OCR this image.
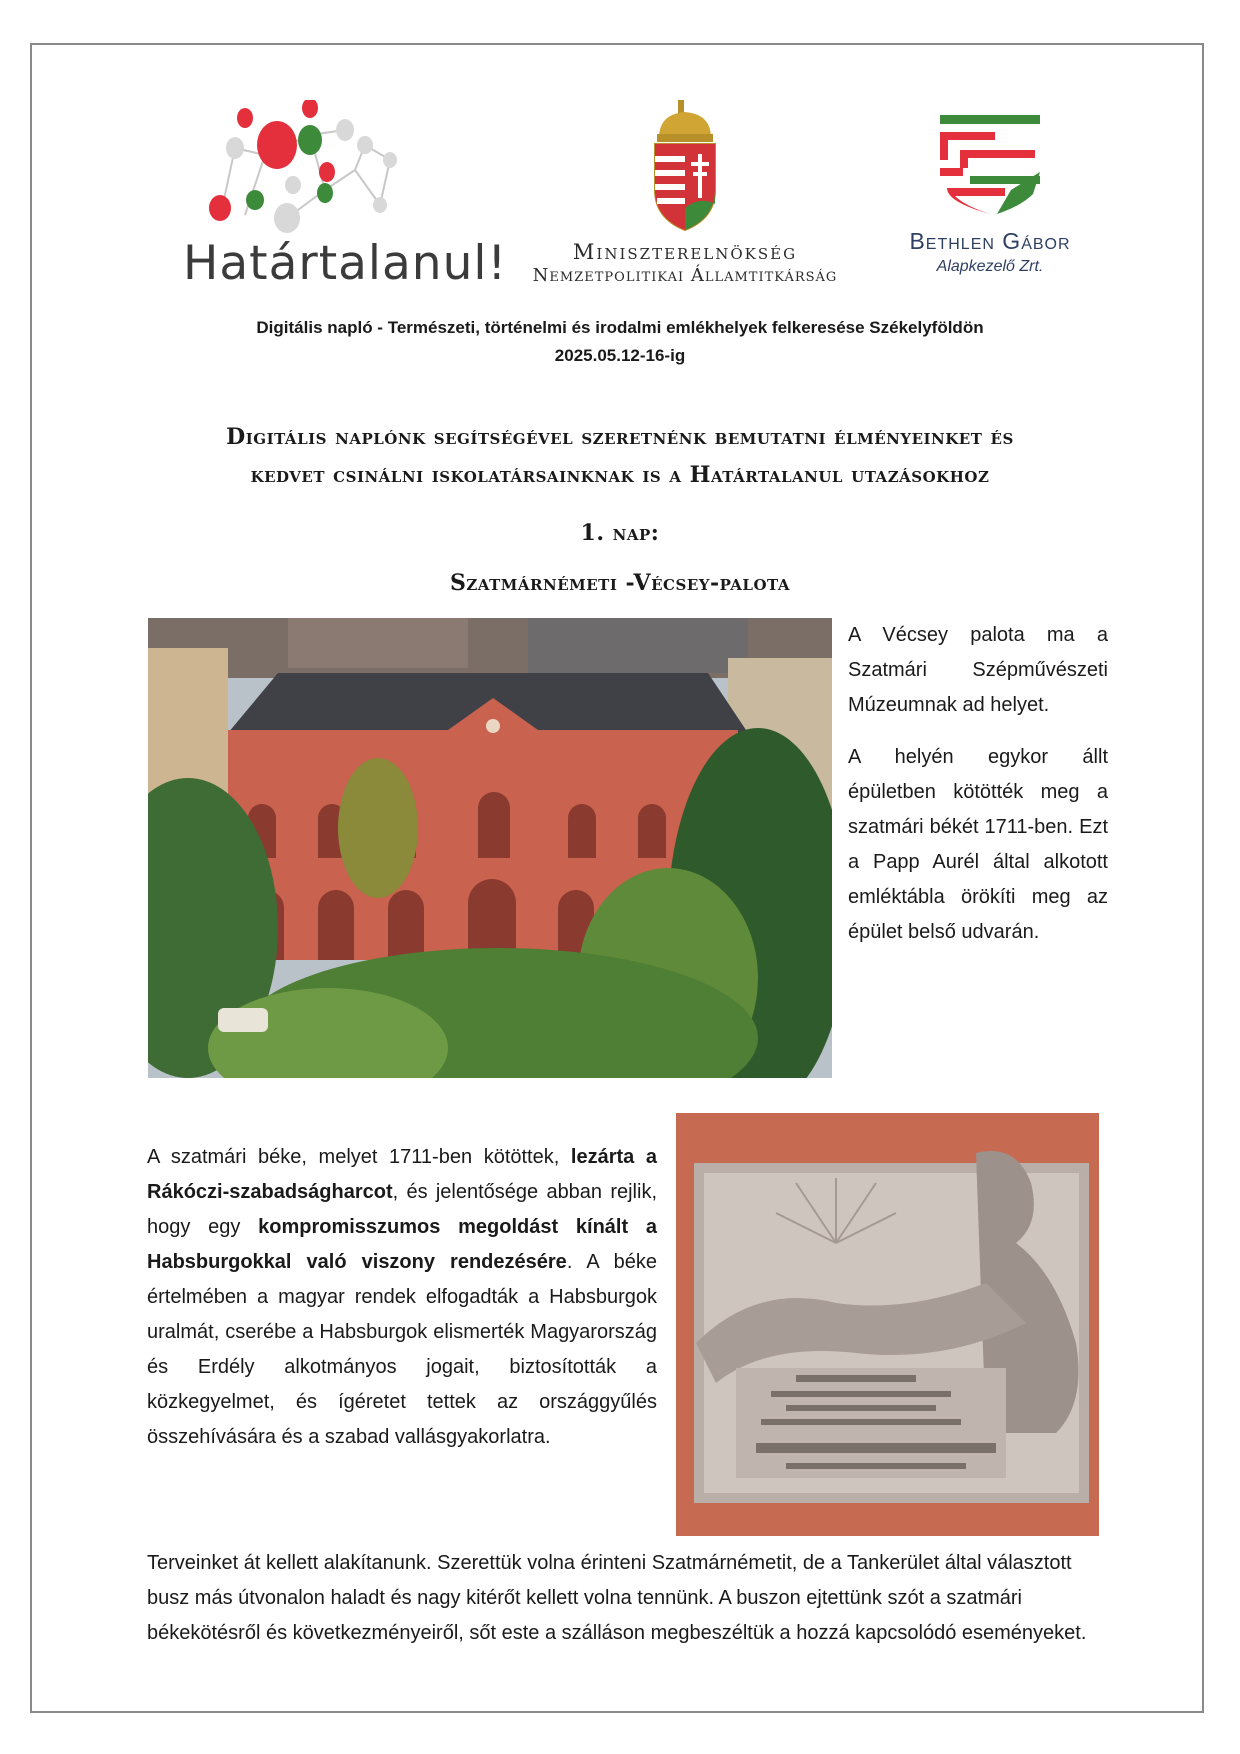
Határtalanul!	Miniszterelnökség
Nemzetpolitikai Államtitkárság
Bethlen Gábor
Alapkezelő Zrt.
Digitális napló - Természeti, történelmi és irodalmi emlékhelyek felkeresése Székelyföldön
2025.05.12-16-ig
Digitális naplónk segítségével szeretnénk bemutatni élményeinket és
kedvet csinálni iskolatársainknak is a Határtalanul utazásokhoz
1. nap:
Szatmárnémeti -Vécsey-palota
A Vécsey palota ma a Szatmári Szépművészeti Múzeumnak ad helyet.
A helyén egykor állt épületben kötötték meg a szatmári békét 1711-ben. Ezt a Papp Aurél által alkotott emléktábla örökíti meg az épület belső udvarán.
A szatmári béke, melyet 1711-ben kötöttek, lezárta a Rákóczi-szabadságharcot, és jelentősége abban rejlik, hogy egy kompromisszumos megoldást kínált a Habsburgokkal való viszony rendezésére. A béke értelmében a magyar rendek elfogadták a Habsburgok uralmát, cserébe a Habsburgok elismerték Magyarország és Erdély alkotmányos jogait, biztosították a közkegyelmet, és ígéretet tettek az országgyűlés összehívására és a szabad vallásgyakorlatra.
Terveinket át kellett alakítanunk. Szerettük volna érinteni Szatmárnémetit, de a Tankerület által választott busz más útvonalon haladt és nagy kitérőt kellett volna tennünk. A buszon ejtettünk szót a szatmári békekötésről és következményeiről, sőt este a szálláson megbeszéltük a hozzá kapcsolódó eseményeket.
